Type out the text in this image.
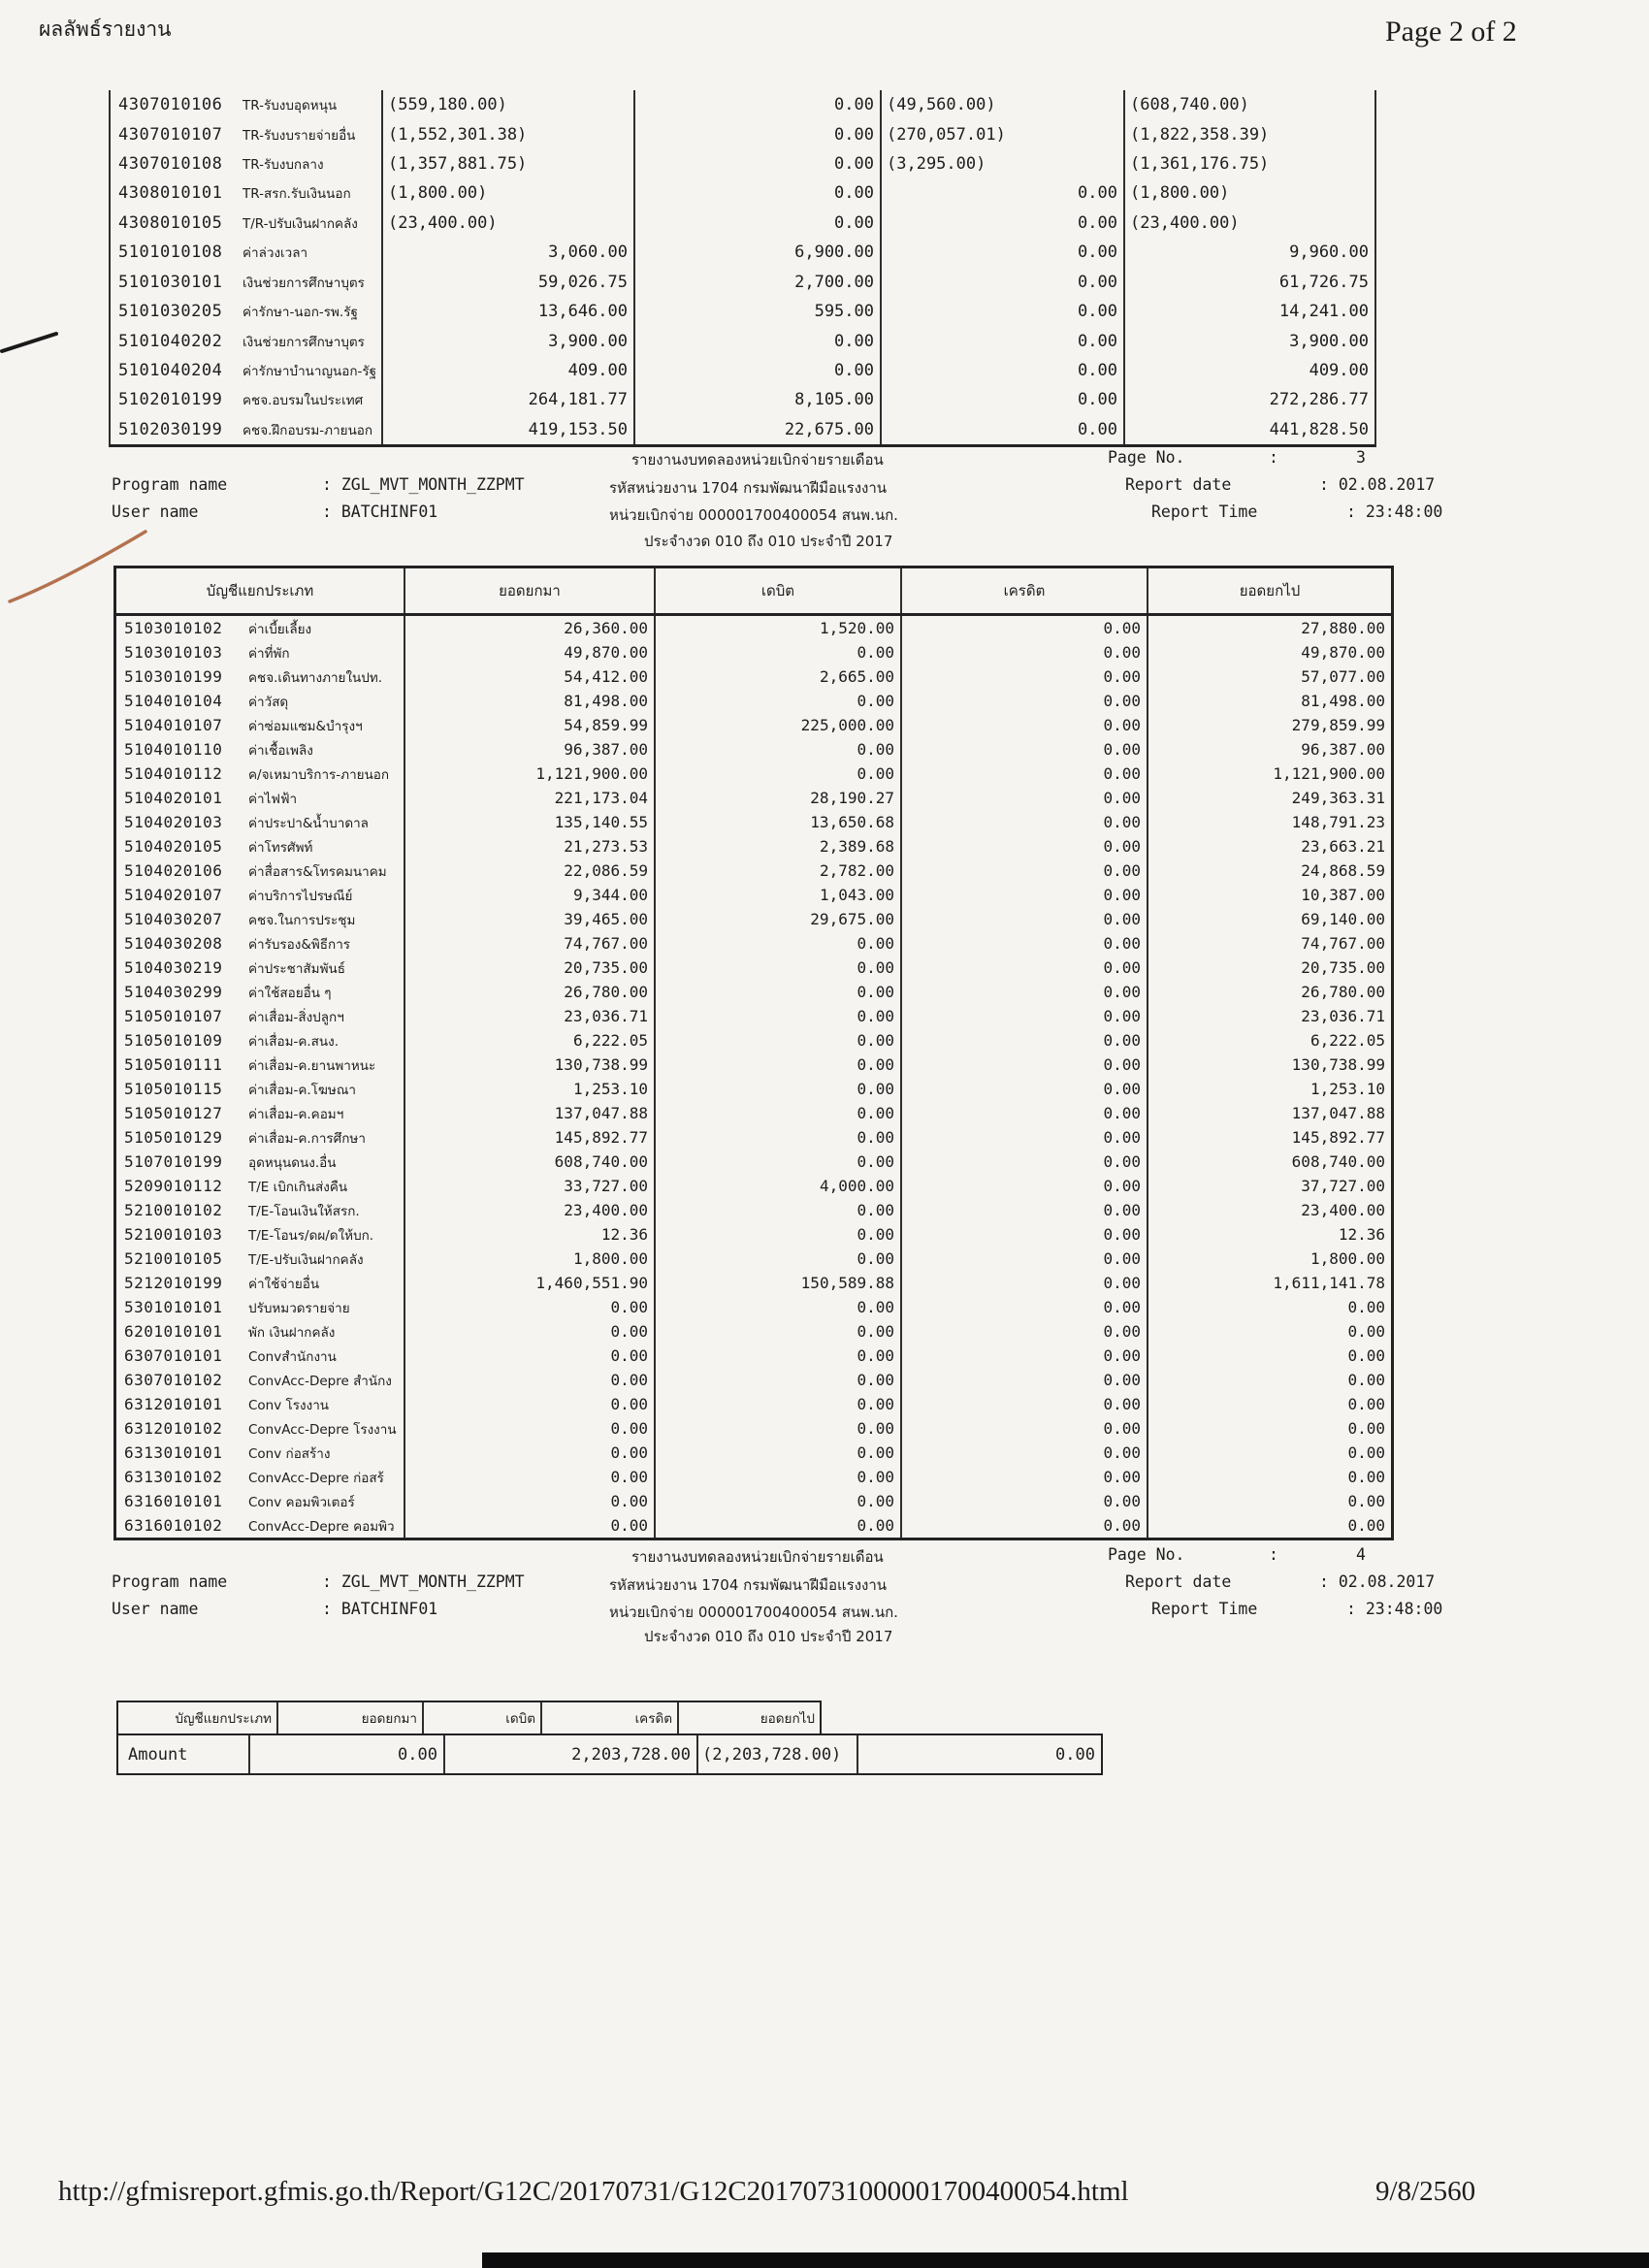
ผลลัพธ์รายงาน	Page 2 of 2
4307010106	TR-รับงบอุดหนุน	(559,180.00)	0.00 (49,560.00)	(608,740.00)
4307010107	TR-รับงบรายจ่ายอื่น (1,552,301.38)	0.00 (270,057.01)	(1,822,358.39)
4307010108	TR-รับงบกลาง	(1,357,881.75)	0.00 (3,295.00)	(1,361,176.75)
4308010101	TR-สรก.รับเงินนอก (1,800.00)	0.00	0.00 (1,800.00)
4308010105	T/R-ปรับเงินฝากคลัง (23,400.00)	0.00	0.00 (23,400.00)
5101010108	ค่าล่วงเวลา	3,060.00	6,900.00	0.00	9,960.00
5101030101	เงินช่วยการศึกษาบุตร	59,026.75	2,700.00	0.00	61,726.75
5101030205	ค่ารักษา-นอก-รพ.รัฐ	13,646.00	595.00	0.00	14,241.00
5101040202	เงินช่วยการศึกษาบุตร	3,900.00	0.00	0.00	3,900.00
5101040204	ค่ารักษาบำนาญนอก-รัฐ	409.00	0.00	0.00	409.00
5102010199	คชจ.อบรมในประเทศ	264,181.77	8,105.00	0.00	272,286.77
5102030199	คชจ.ฝึกอบรม-ภายนอก	419,153.50	22,675.00	0.00	441,828.50
รายงานงบทดลองหน่วยเบิกจ่ายรายเดือน	Page No.	:	3
Program name	: ZGL_MVT_MONTH_ZZPMT	รหัสหน่วยงาน 1704 กรมพัฒนาฝีมือแรงงาน	Report date	: 02.08.2017
User name	: BATCHINF01	หน่วยเบิกจ่าย 000001700400054 สนพ.นก.	Report Time	: 23:48:00
ประจำงวด 010 ถึง 010 ประจำปี 2017
บัญชีแยกประเภท	ยอดยกมา	เดบิต	เครดิต	ยอดยกไป
5103010102	ค่าเบี้ยเลี้ยง	26,360.00	1,520.00	0.00	27,880.00
5103010103	ค่าที่พัก	49,870.00	0.00	0.00	49,870.00
5103010199	คชจ.เดินทางภายในปท.	54,412.00	2,665.00	0.00	57,077.00
5104010104	ค่าวัสดุ	81,498.00	0.00	0.00	81,498.00
5104010107	ค่าซ่อมแซม&บำรุงฯ	54,859.99	225,000.00	0.00	279,859.99
5104010110	ค่าเชื้อเพลิง	96,387.00	0.00	0.00	96,387.00
5104010112	ค/จเหมาบริการ-ภายนอก	1,121,900.00	0.00	0.00	1,121,900.00
5104020101	ค่าไฟฟ้า	221,173.04	28,190.27	0.00	249,363.31
5104020103	ค่าประปา&น้ำบาดาล	135,140.55	13,650.68	0.00	148,791.23
5104020105	ค่าโทรศัพท์	21,273.53	2,389.68	0.00	23,663.21
5104020106	ค่าสื่อสาร&โทรคมนาคม	22,086.59	2,782.00	0.00	24,868.59
5104020107	ค่าบริการไปรษณีย์	9,344.00	1,043.00	0.00	10,387.00
5104030207	คชจ.ในการประชุม	39,465.00	29,675.00	0.00	69,140.00
5104030208	ค่ารับรอง&พิธีการ	74,767.00	0.00	0.00	74,767.00
5104030219	ค่าประชาสัมพันธ์	20,735.00	0.00	0.00	20,735.00
5104030299	ค่าใช้สอยอื่น ๆ	26,780.00	0.00	0.00	26,780.00
5105010107	ค่าเสื่อม-สิ่งปลูกฯ	23,036.71	0.00	0.00	23,036.71
5105010109	ค่าเสื่อม-ค.สนง.	6,222.05	0.00	0.00	6,222.05
5105010111	ค่าเสื่อม-ค.ยานพาหนะ	130,738.99	0.00	0.00	130,738.99
5105010115	ค่าเสื่อม-ค.โฆษณา	1,253.10	0.00	0.00	1,253.10
5105010127	ค่าเสื่อม-ค.คอมฯ	137,047.88	0.00	0.00	137,047.88
5105010129	ค่าเสื่อม-ค.การศึกษา	145,892.77	0.00	0.00	145,892.77
5107010199	อุดหนุนดนง.อื่น	608,740.00	0.00	0.00	608,740.00
5209010112	T/E เบิกเกินส่งคืน	33,727.00	4,000.00	0.00	37,727.00
5210010102	T/E-โอนเงินให้สรก.	23,400.00	0.00	0.00	23,400.00
5210010103	T/E-โอนร/ดผ/ดให้บก.	12.36	0.00	0.00	12.36
5210010105	T/E-ปรับเงินฝากคลัง	1,800.00	0.00	0.00	1,800.00
5212010199	ค่าใช้จ่ายอื่น	1,460,551.90	150,589.88	0.00	1,611,141.78
5301010101	ปรับหมวดรายจ่าย	0.00	0.00	0.00	0.00
6201010101	พัก เงินฝากคลัง	0.00	0.00	0.00	0.00
6307010101	Convสำนักงาน	0.00	0.00	0.00	0.00
6307010102	ConvAcc-Depre สำนักง	0.00	0.00	0.00	0.00
6312010101	Conv โรงงาน	0.00	0.00	0.00	0.00
6312010102	ConvAcc-Depre โรงงาน	0.00	0.00	0.00	0.00
6313010101	Conv ก่อสร้าง	0.00	0.00	0.00	0.00
6313010102	ConvAcc-Depre ก่อสร้	0.00	0.00	0.00	0.00
6316010101	Conv คอมพิวเตอร์	0.00	0.00	0.00	0.00
6316010102	ConvAcc-Depre คอมพิว	0.00	0.00	0.00	0.00
รายงานงบทดลองหน่วยเบิกจ่ายรายเดือน	Page No.	:	4
Program name	: ZGL_MVT_MONTH_ZZPMT	รหัสหน่วยงาน 1704 กรมพัฒนาฝีมือแรงงาน	Report date	: 02.08.2017
User name	: BATCHINF01	หน่วยเบิกจ่าย 000001700400054 สนพ.นก.	Report Time	: 23:48:00
ประจำงวด 010 ถึง 010 ประจำปี 2017
บัญชีแยกประเภท	ยอดยกมา	เดบิต	เครดิต	ยอดยกไป
Amount	0.00	2,203,728.00 (2,203,728.00)	0.00
http://gfmisreport.gfmis.go.th/Report/G12C/20170731/G12C20170731000001700400054.html	9/8/2560
